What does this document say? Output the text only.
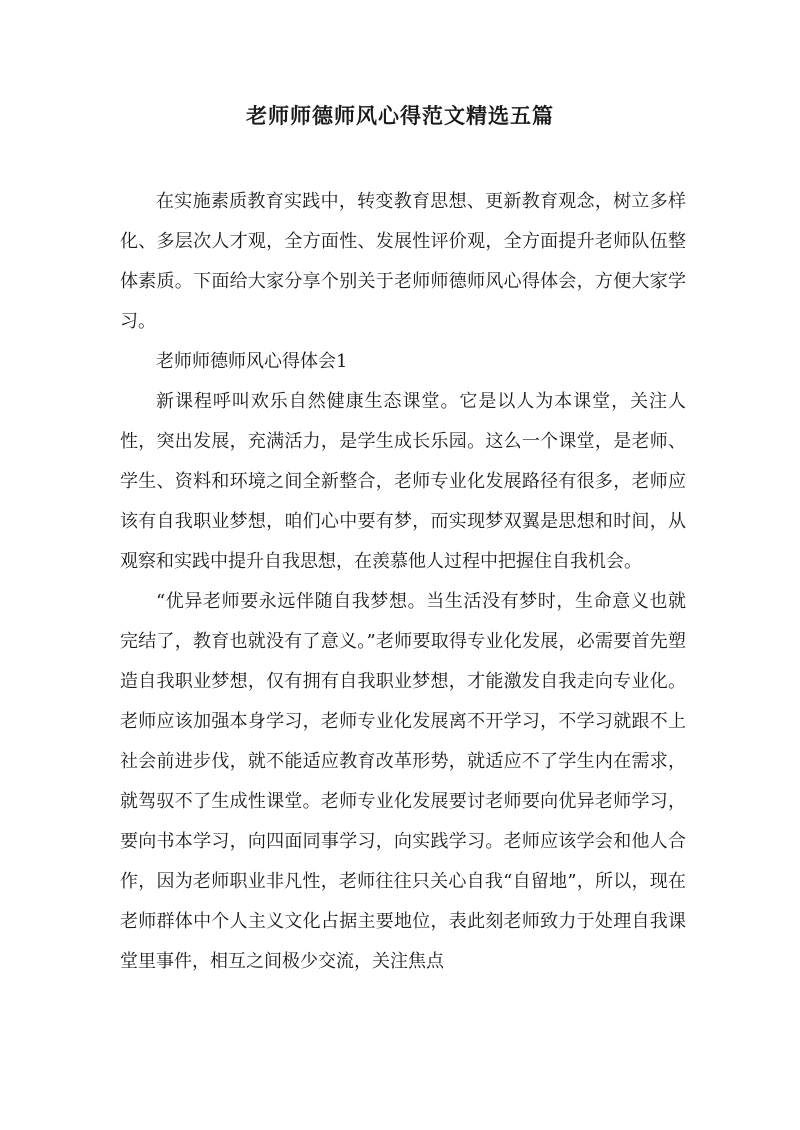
老师师德师风心得范文精选五篇

在实施素质教育实践中，转变教育思想、更新教育观念，树立多样化、多层次人才观，全方面性、发展性评价观，全方面提升老师队伍整体素质。下面给大家分享个别关于老师师德师风心得体会，方便大家学习。

老师师德师风心得体会1

新课程呼叫欢乐自然健康生态课堂。它是以人为本课堂，关注人性，突出发展，充满活力，是学生成长乐园。这么一个课堂，是老师、学生、资料和环境之间全新整合，老师专业化发展路径有很多，老师应该有自我职业梦想，咱们心中要有梦，而实现梦双翼是思想和时间，从观察和实践中提升自我思想，在羡慕他人过程中把握住自我机会。

“优异老师要永远伴随自我梦想。当生活没有梦时，生命意义也就完结了，教育也就没有了意义。”老师要取得专业化发展，必需要首先塑造自我职业梦想，仅有拥有自我职业梦想，才能激发自我走向专业化。老师应该加强本身学习，老师专业化发展离不开学习，不学习就跟不上社会前进步伐，就不能适应教育改革形势，就适应不了学生内在需求，就驾驭不了生成性课堂。老师专业化发展要讨老师要向优异老师学习，要向书本学习，向四面同事学习，向实践学习。老师应该学会和他人合作，因为老师职业非凡性，老师往往只关心自我“自留地”，所以，现在老师群体中个人主义文化占据主要地位，表此刻老师致力于处理自我课堂里事件，相互之间极少交流，关注焦点
